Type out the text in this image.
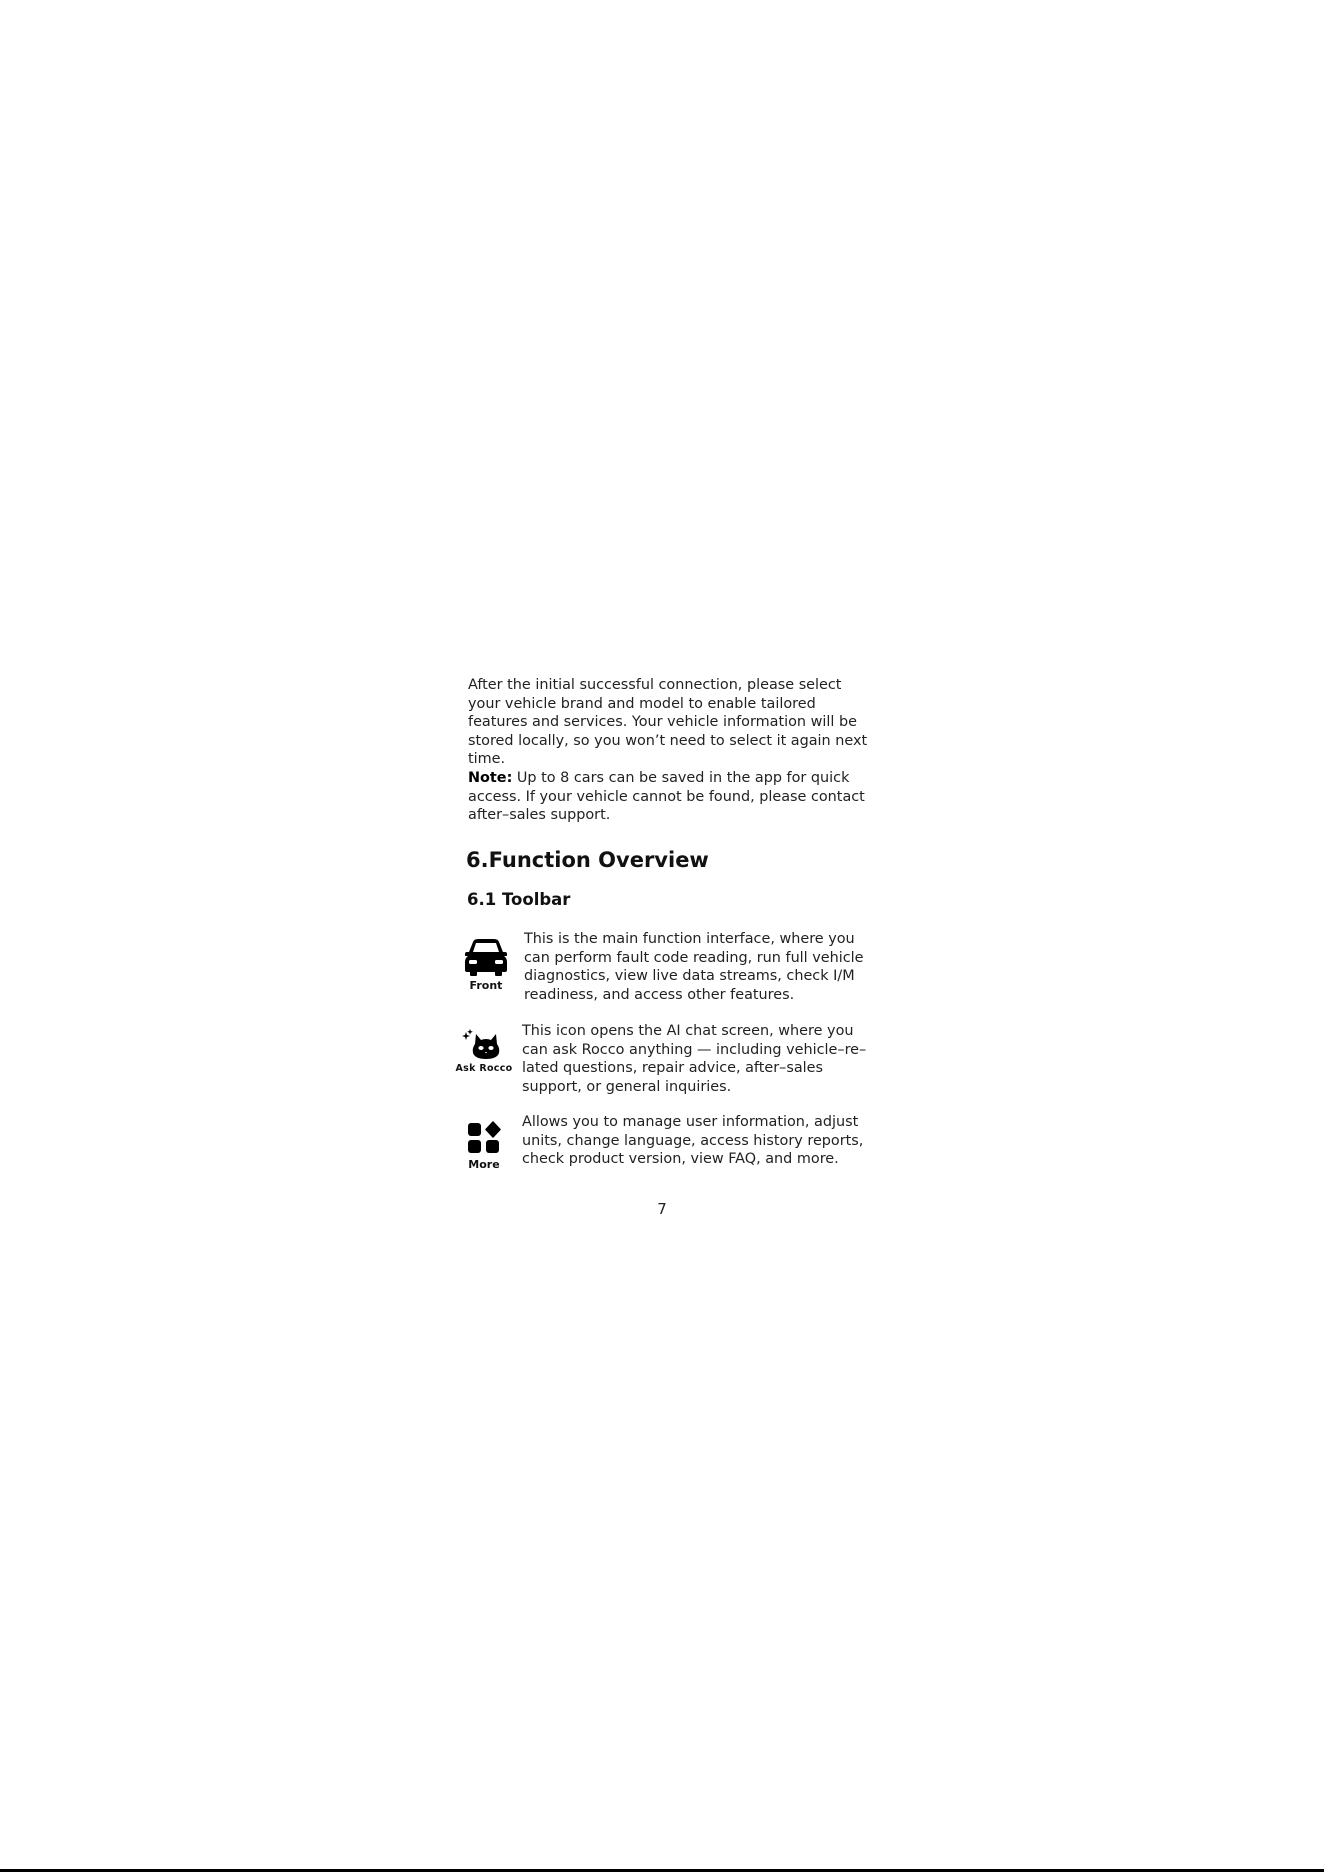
After the initial successful connection, please select your vehicle brand and model to enable tailored features and services. Your vehicle information will be stored locally, so you won’t need to select it again next time.

Note: Up to 8 cars can be saved in the app for quick access. If your vehicle cannot be found, please contact after–sales support.

6.Function Overview
6.1 Toolbar
Front

This is the main function interface, where you can perform fault code reading, run full vehicle diagnostics, view live data streams, check I/M readiness, and access other features.

Ask Rocco

This icon opens the AI chat screen, where you can ask Rocco anything — including vehicle–re–lated questions, repair advice, after–sales support, or general inquiries.

More

Allows you to manage user information, adjust units, change language, access history reports, check product version, view FAQ, and more.

7
